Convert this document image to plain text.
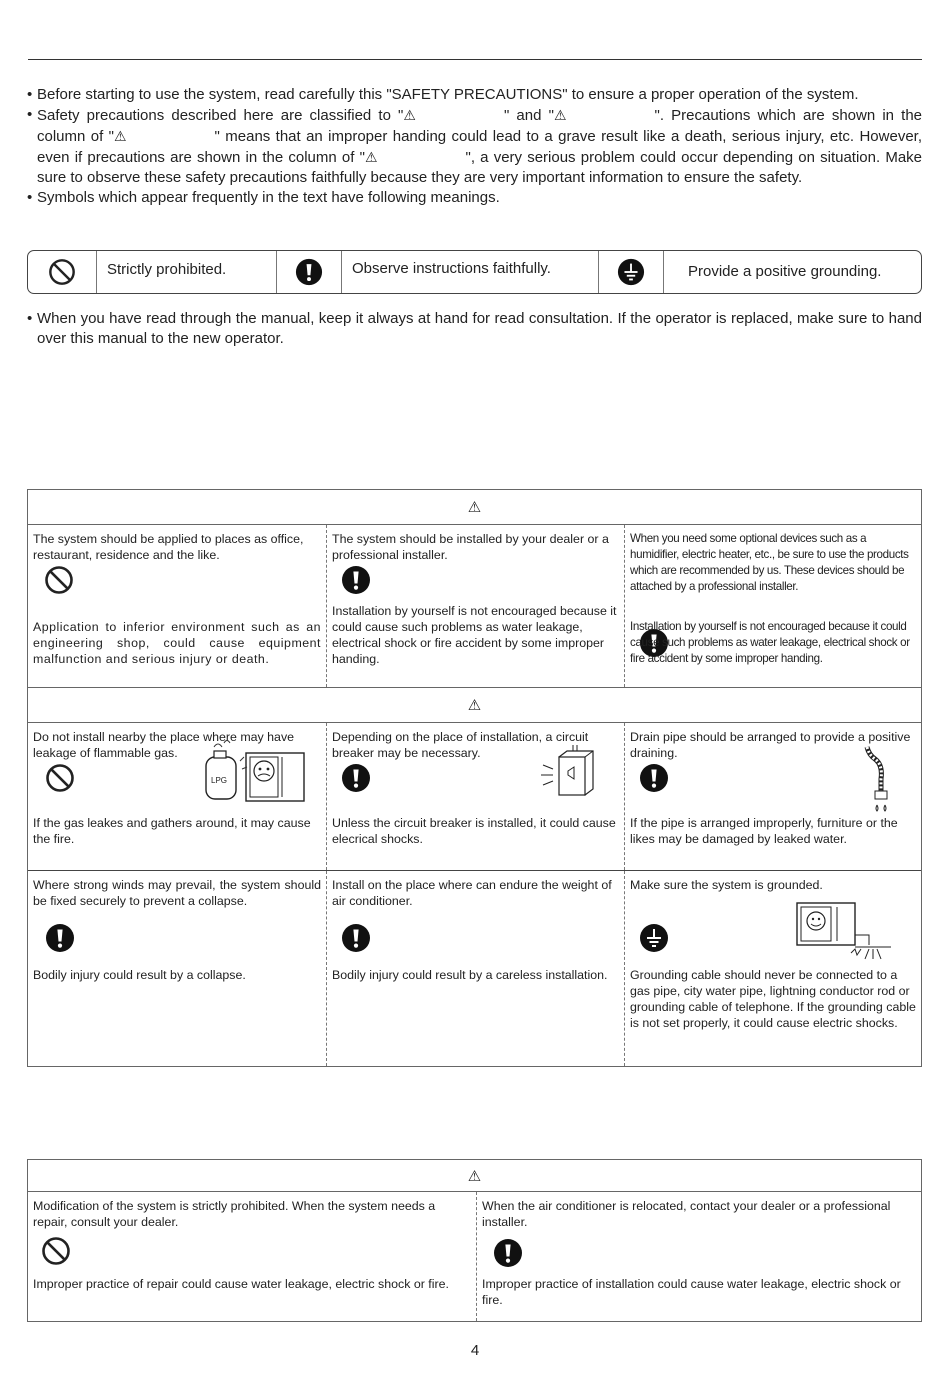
• Before starting to use the system, read carefully this "SAFETY PRECAUTIONS" to ensure a proper operation of the system.
• Safety precautions described here are classified to "⚠	" and "⚠	". Precautions which are shown in the column of "⚠	" means that an improper handing could lead to a grave result like a death, serious injury, etc. However, even if precautions are shown in the column of "⚠	", a very serious problem could occur depending on situation. Make sure to observe these safety precautions faithfully because they are very important information to ensure the safety.
• Symbols which appear frequently in the text have following meanings.
Strictly prohibited.	Observe instructions faithfully.	Provide a positive grounding.
• When you have read through the manual, keep it always at hand for read consultation. If the operator is replaced, make sure to hand over this manual to the new operator.
⚠
The system should be applied to places as office, restaurant, residence and the like.
Application to inferior environment such as an engineering shop, could cause equipment malfunction and serious injury or death.
The system should be installed by your dealer or a professional installer.
Installation by yourself is not encouraged because it could cause such problems as water leakage, electrical shock or fire accident by some improper handing.
When you need some optional devices such as a humidifier, electric heater, etc., be sure to use the products which are recommended by us. These devices should be attached by a professional installer.
Installation by yourself is not encouraged because it could cause such problems as water leakage, electrical shock or fire accident by some improper handing.
⚠
Do not install nearby the place where may have leakage of flammable gas.
LPG
If the gas leakes and gathers around, it may cause the fire.
Depending on the place of installation, a circuit breaker may be necessary.
Unless the circuit breaker is installed, it could cause elecrical shocks.
Drain pipe should be arranged to provide a positive draining.
If the pipe is arranged improperly, furniture or the likes may be damaged by leaked water.
Where strong winds may prevail, the system should be fixed securely to prevent a collapse.
Bodily injury could result by a collapse.
Install on the place where can endure the weight of air conditioner.
Bodily injury could result by a careless installation.
Make sure the system is grounded.
Grounding cable should never be connected to a gas pipe, city water pipe, lightning conductor rod or grounding cable of telephone. If the grounding cable is not set properly, it could cause electric shocks.
⚠
Modification of the system is strictly prohibited. When the system needs a repair, consult your dealer.
Improper practice of repair could cause water leakage, electric shock or fire.
When the air conditioner is relocated, contact your dealer or a professional installer.
Improper practice of installation could cause water leakage, electric shock or fire.
4
